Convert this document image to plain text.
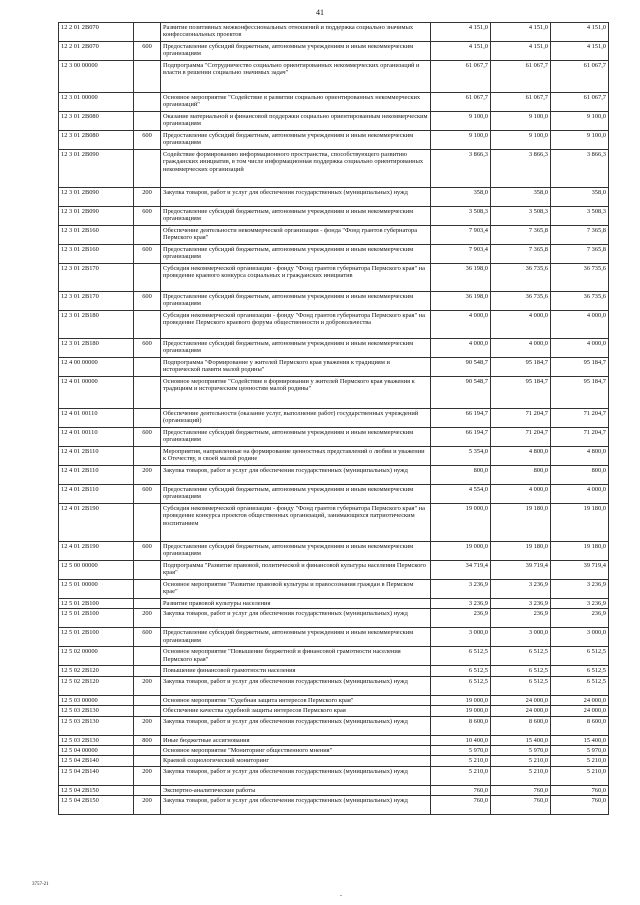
41
12 2 01 2B070		Развитие позитивных межконфессиональных отношений и поддержка социально значимых конфессиональных проектов	4 151,0	4 151,0	4 151,0
12 2 01 2B070	600	Предоставление субсидий бюджетным, автономным учреждениям и иным некоммерческим организациям	4 151,0	4 151,0	4 151,0
12 3 00 00000		Подпрограмма "Сотрудничество социально ориентированных некоммерческих организаций и власти в решении социально значимых задач"	61 067,7	61 067,7	61 067,7
12 3 01 00000		Основное мероприятие "Содействие в развитии социально ориентированных некоммерческих организаций"	61 067,7	61 067,7	61 067,7
12 3 01 2B080		Оказание материальной и финансовой поддержки социально ориентированным некоммерческим организациям	9 100,0	9 100,0	9 100,0
12 3 01 2B080	600	Предоставление субсидий бюджетным, автономным учреждениям и иным некоммерческим организациям	9 100,0	9 100,0	9 100,0
12 3 01 2B090		Содействие формированию информационного пространства, способствующего развитию гражданских инициатив, в том числе информационная поддержка социально ориентированных некоммерческих организаций	3 866,3	3 866,3	3 866,3
12 3 01 2B090	200	Закупка товаров, работ и услуг для обеспечения государственных (муниципальных) нужд	358,0	358,0	358,0
12 3 01 2B090	600	Предоставление субсидий бюджетным, автономным учреждениям и иным некоммерческим организациям	3 508,3	3 508,3	3 508,3
12 3 01 2B160		Обеспечение деятельности некоммерческой организации - фонда "Фонд грантов губернатора Пермского края"	7 903,4	7 365,8	7 365,8
12 3 01 2B160	600	Предоставление субсидий бюджетным, автономным учреждениям и иным некоммерческим организациям	7 903,4	7 365,8	7 365,8
12 3 01 2B170		Субсидия некоммерческой организации - фонду "Фонд грантов губернатора Пермского края" на проведение краевого конкурса социальных и гражданских инициатив	36 198,0	36 735,6	36 735,6
12 3 01 2B170	600	Предоставление субсидий бюджетным, автономным учреждениям и иным некоммерческим организациям	36 198,0	36 735,6	36 735,6
12 3 01 2B180		Субсидия некоммерческой организации - фонду "Фонд грантов губернатора Пермского края" на проведение Пермского краевого форума общественности и добровольчества	4 000,0	4 000,0	4 000,0
12 3 01 2B180	600	Предоставление субсидий бюджетным, автономным учреждениям и иным некоммерческим организациям	4 000,0	4 000,0	4 000,0
12 4 00 00000		Подпрограмма "Формирование у жителей Пермского края уважения к традициям и исторической памяти малой родины"	90 548,7	95 184,7	95 184,7
12 4 01 00000		Основное мероприятие "Содействие в формировании у жителей Пермского края уважения к традициям и историческим ценностям малой родины"	90 548,7	95 184,7	95 184,7
12 4 01 00110		Обеспечение деятельности (оказание услуг, выполнение работ) государственных учреждений (организаций)	66 194,7	71 204,7	71 204,7
12 4 01 00110	600	Предоставление субсидий бюджетным, автономным учреждениям и иным некоммерческим организациям	66 194,7	71 204,7	71 204,7
12 4 01 2B110		Мероприятия, направленные на формирование ценностных представлений о любви и уважении к Отечеству, в своей малой родине	5 354,0	4 800,0	4 800,0
12 4 01 2B110	200	Закупка товаров, работ и услуг для обеспечения государственных (муниципальных) нужд	800,0	800,0	800,0
12 4 01 2B110	600	Предоставление субсидий бюджетным, автономным учреждениям и иным некоммерческим организациям	4 554,0	4 000,0	4 000,0
12 4 01 2B190		Субсидия некоммерческой организации - фонду "Фонд грантов губернатора Пермского края" на проведение конкурса проектов общественных организаций, занимающихся патриотическим воспитанием	19 000,0	19 180,0	19 180,0
12 4 01 2B190	600	Предоставление субсидий бюджетным, автономным учреждениям и иным некоммерческим организациям	19 000,0	19 180,0	19 180,0
12 5 00 00000		Подпрограмма "Развитие правовой, политической и финансовой культуры населения Пермского края"	34 719,4	39 719,4	39 719,4
12 5 01 00000		Основное мероприятие "Развитие правовой культуры и правосознания граждан в Пермском крае"	3 236,9	3 236,9	3 236,9
12 5 01 2B100		Развитие правовой культуры населения	3 236,9	3 236,9	3 236,9
12 5 01 2B100	200	Закупка товаров, работ и услуг для обеспечения государственных (муниципальных) нужд	236,9	236,9	236,9
12 5 01 2B100	600	Предоставление субсидий бюджетным, автономным учреждениям и иным некоммерческим организациям	3 000,0	3 000,0	3 000,0
12 5 02 00000		Основное мероприятие "Повышение бюджетной и финансовой грамотности населения Пермского края"	6 512,5	6 512,5	6 512,5
12 5 02 2B120		Повышение финансовой грамотности населения	6 512,5	6 512,5	6 512,5
12 5 02 2B120	200	Закупка товаров, работ и услуг для обеспечения государственных (муниципальных) нужд	6 512,5	6 512,5	6 512,5
12 5 03 00000		Основное мероприятие "Судебная защита интересов Пермского края"	19 000,0	24 000,0	24 000,0
12 5 03 2B130		Обеспечение качества судебной защиты интересов Пермского края	19 000,0	24 000,0	24 000,0
12 5 03 2B130	200	Закупка товаров, работ и услуг для обеспечения государственных (муниципальных) нужд	8 600,0	8 600,0	8 600,0
12 5 03 2B130	800	Иные бюджетные ассигнования	10 400,0	15 400,0	15 400,0
12 5 04 00000		Основное мероприятие "Мониторинг общественного мнения"	5 970,0	5 970,0	5 970,0
12 5 04 2B140		Краевой социологический мониторинг	5 210,0	5 210,0	5 210,0
12 5 04 2B140	200	Закупка товаров, работ и услуг для обеспечения государственных (муниципальных) нужд	5 210,0	5 210,0	5 210,0
12 5 04 2B150		Экспертно-аналитические работы	760,0	760,0	760,0
12 5 04 2B150	200	Закупка товаров, работ и услуг для обеспечения государственных (муниципальных) нужд	760,0	760,0	760,0
3757-21
-
